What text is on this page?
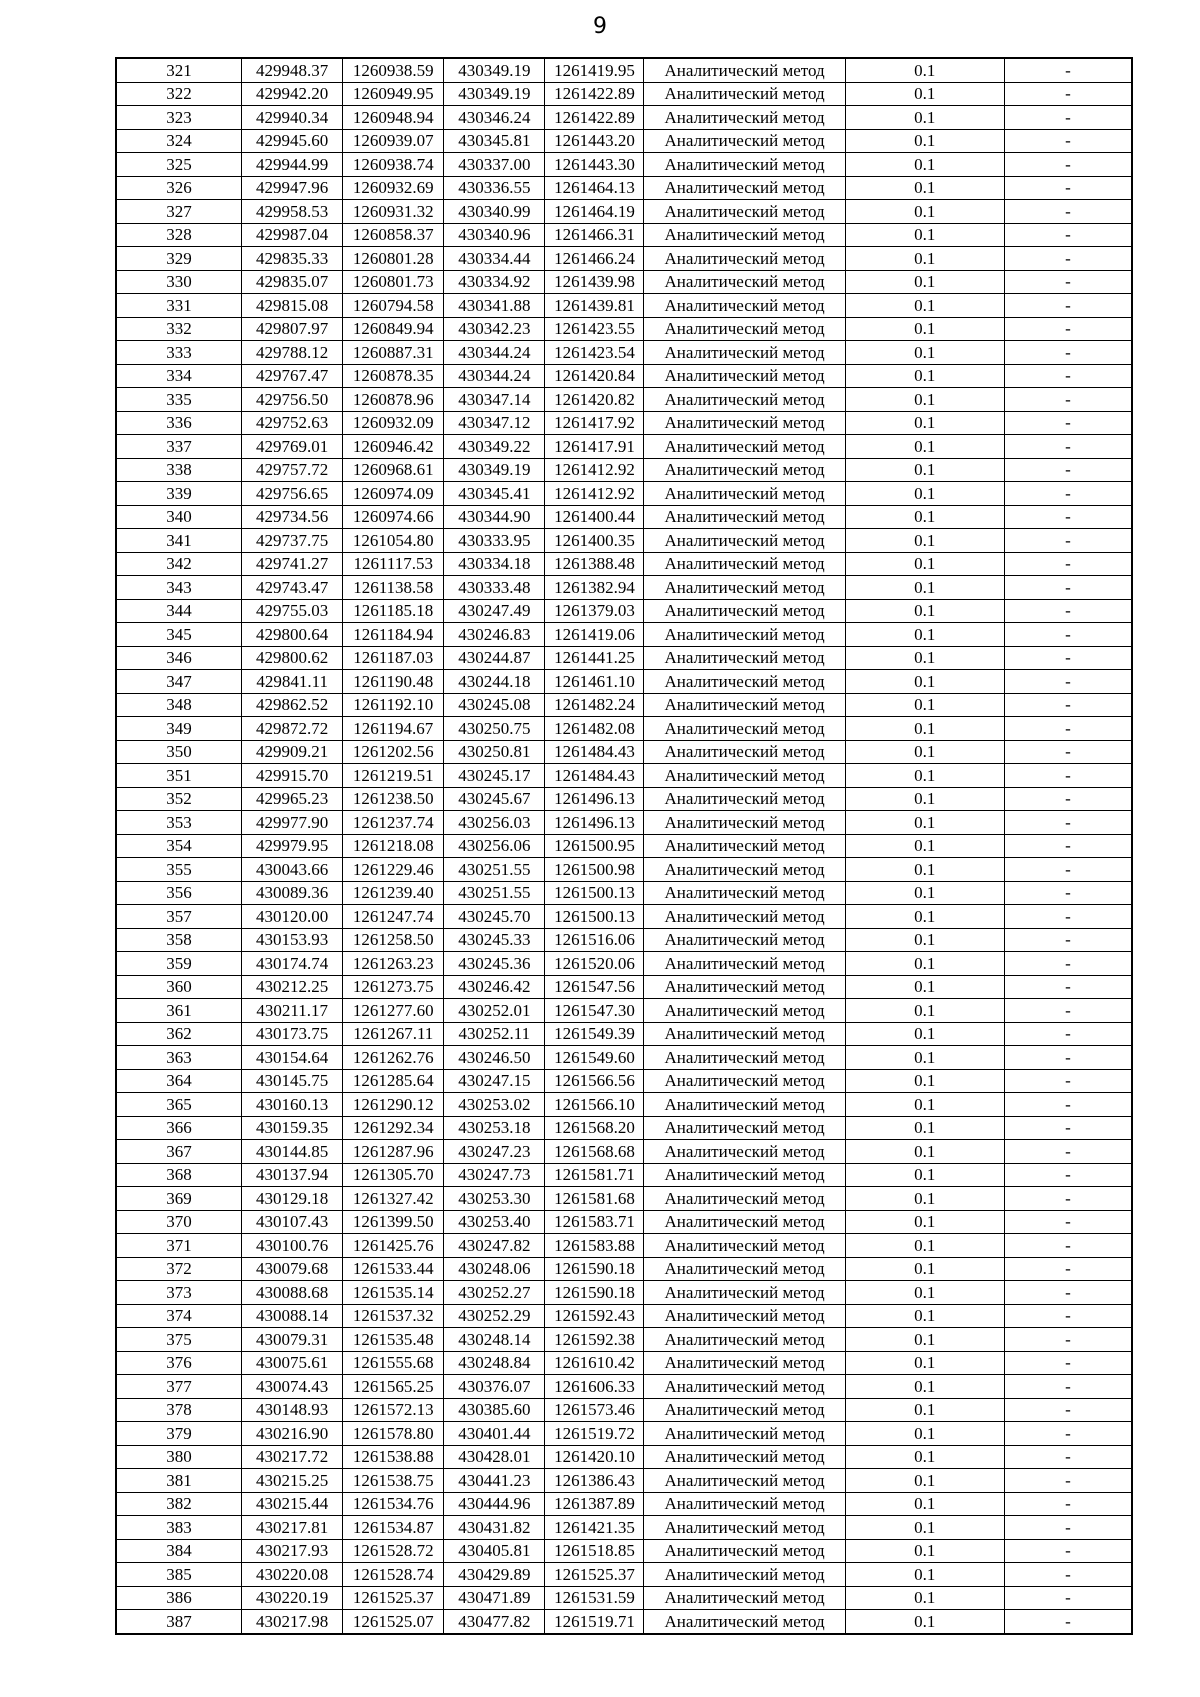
9
321	429948.37	1260938.59	430349.19	1261419.95	Аналитический метод	0.1	-
322	429942.20	1260949.95	430349.19	1261422.89	Аналитический метод	0.1	-
323	429940.34	1260948.94	430346.24	1261422.89	Аналитический метод	0.1	-
324	429945.60	1260939.07	430345.81	1261443.20	Аналитический метод	0.1	-
325	429944.99	1260938.74	430337.00	1261443.30	Аналитический метод	0.1	-
326	429947.96	1260932.69	430336.55	1261464.13	Аналитический метод	0.1	-
327	429958.53	1260931.32	430340.99	1261464.19	Аналитический метод	0.1	-
328	429987.04	1260858.37	430340.96	1261466.31	Аналитический метод	0.1	-
329	429835.33	1260801.28	430334.44	1261466.24	Аналитический метод	0.1	-
330	429835.07	1260801.73	430334.92	1261439.98	Аналитический метод	0.1	-
331	429815.08	1260794.58	430341.88	1261439.81	Аналитический метод	0.1	-
332	429807.97	1260849.94	430342.23	1261423.55	Аналитический метод	0.1	-
333	429788.12	1260887.31	430344.24	1261423.54	Аналитический метод	0.1	-
334	429767.47	1260878.35	430344.24	1261420.84	Аналитический метод	0.1	-
335	429756.50	1260878.96	430347.14	1261420.82	Аналитический метод	0.1	-
336	429752.63	1260932.09	430347.12	1261417.92	Аналитический метод	0.1	-
337	429769.01	1260946.42	430349.22	1261417.91	Аналитический метод	0.1	-
338	429757.72	1260968.61	430349.19	1261412.92	Аналитический метод	0.1	-
339	429756.65	1260974.09	430345.41	1261412.92	Аналитический метод	0.1	-
340	429734.56	1260974.66	430344.90	1261400.44	Аналитический метод	0.1	-
341	429737.75	1261054.80	430333.95	1261400.35	Аналитический метод	0.1	-
342	429741.27	1261117.53	430334.18	1261388.48	Аналитический метод	0.1	-
343	429743.47	1261138.58	430333.48	1261382.94	Аналитический метод	0.1	-
344	429755.03	1261185.18	430247.49	1261379.03	Аналитический метод	0.1	-
345	429800.64	1261184.94	430246.83	1261419.06	Аналитический метод	0.1	-
346	429800.62	1261187.03	430244.87	1261441.25	Аналитический метод	0.1	-
347	429841.11	1261190.48	430244.18	1261461.10	Аналитический метод	0.1	-
348	429862.52	1261192.10	430245.08	1261482.24	Аналитический метод	0.1	-
349	429872.72	1261194.67	430250.75	1261482.08	Аналитический метод	0.1	-
350	429909.21	1261202.56	430250.81	1261484.43	Аналитический метод	0.1	-
351	429915.70	1261219.51	430245.17	1261484.43	Аналитический метод	0.1	-
352	429965.23	1261238.50	430245.67	1261496.13	Аналитический метод	0.1	-
353	429977.90	1261237.74	430256.03	1261496.13	Аналитический метод	0.1	-
354	429979.95	1261218.08	430256.06	1261500.95	Аналитический метод	0.1	-
355	430043.66	1261229.46	430251.55	1261500.98	Аналитический метод	0.1	-
356	430089.36	1261239.40	430251.55	1261500.13	Аналитический метод	0.1	-
357	430120.00	1261247.74	430245.70	1261500.13	Аналитический метод	0.1	-
358	430153.93	1261258.50	430245.33	1261516.06	Аналитический метод	0.1	-
359	430174.74	1261263.23	430245.36	1261520.06	Аналитический метод	0.1	-
360	430212.25	1261273.75	430246.42	1261547.56	Аналитический метод	0.1	-
361	430211.17	1261277.60	430252.01	1261547.30	Аналитический метод	0.1	-
362	430173.75	1261267.11	430252.11	1261549.39	Аналитический метод	0.1	-
363	430154.64	1261262.76	430246.50	1261549.60	Аналитический метод	0.1	-
364	430145.75	1261285.64	430247.15	1261566.56	Аналитический метод	0.1	-
365	430160.13	1261290.12	430253.02	1261566.10	Аналитический метод	0.1	-
366	430159.35	1261292.34	430253.18	1261568.20	Аналитический метод	0.1	-
367	430144.85	1261287.96	430247.23	1261568.68	Аналитический метод	0.1	-
368	430137.94	1261305.70	430247.73	1261581.71	Аналитический метод	0.1	-
369	430129.18	1261327.42	430253.30	1261581.68	Аналитический метод	0.1	-
370	430107.43	1261399.50	430253.40	1261583.71	Аналитический метод	0.1	-
371	430100.76	1261425.76	430247.82	1261583.88	Аналитический метод	0.1	-
372	430079.68	1261533.44	430248.06	1261590.18	Аналитический метод	0.1	-
373	430088.68	1261535.14	430252.27	1261590.18	Аналитический метод	0.1	-
374	430088.14	1261537.32	430252.29	1261592.43	Аналитический метод	0.1	-
375	430079.31	1261535.48	430248.14	1261592.38	Аналитический метод	0.1	-
376	430075.61	1261555.68	430248.84	1261610.42	Аналитический метод	0.1	-
377	430074.43	1261565.25	430376.07	1261606.33	Аналитический метод	0.1	-
378	430148.93	1261572.13	430385.60	1261573.46	Аналитический метод	0.1	-
379	430216.90	1261578.80	430401.44	1261519.72	Аналитический метод	0.1	-
380	430217.72	1261538.88	430428.01	1261420.10	Аналитический метод	0.1	-
381	430215.25	1261538.75	430441.23	1261386.43	Аналитический метод	0.1	-
382	430215.44	1261534.76	430444.96	1261387.89	Аналитический метод	0.1	-
383	430217.81	1261534.87	430431.82	1261421.35	Аналитический метод	0.1	-
384	430217.93	1261528.72	430405.81	1261518.85	Аналитический метод	0.1	-
385	430220.08	1261528.74	430429.89	1261525.37	Аналитический метод	0.1	-
386	430220.19	1261525.37	430471.89	1261531.59	Аналитический метод	0.1	-
387	430217.98	1261525.07	430477.82	1261519.71	Аналитический метод	0.1	-
